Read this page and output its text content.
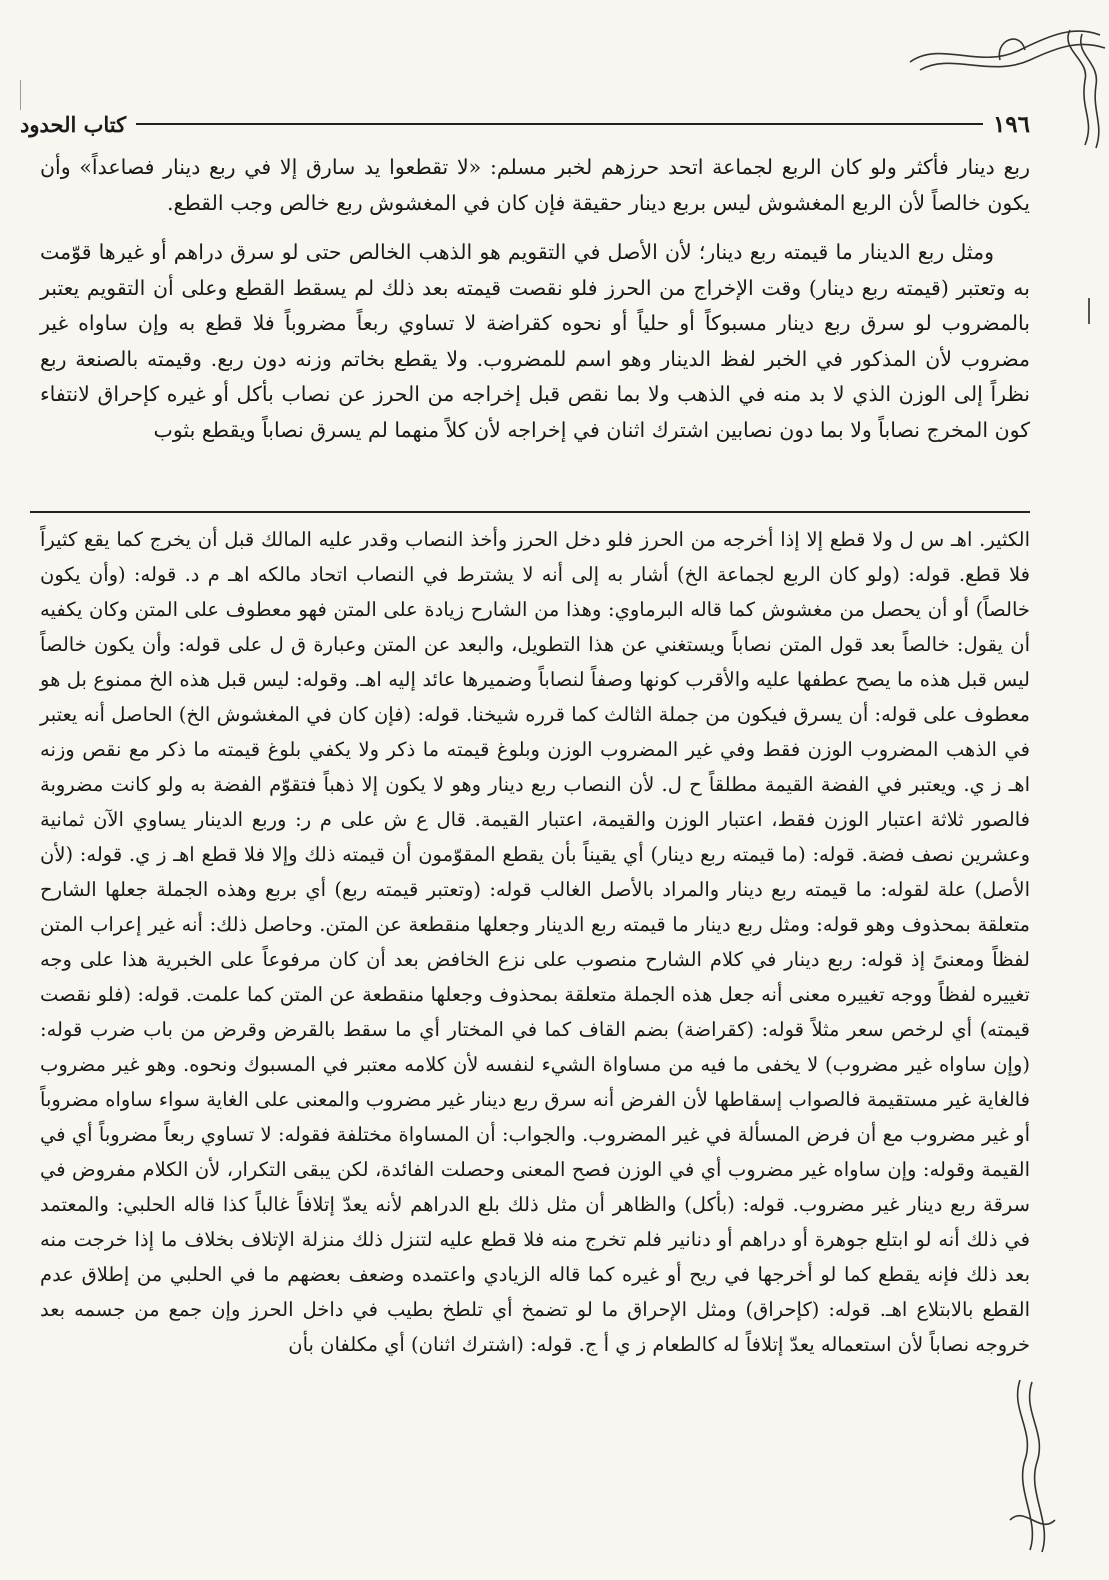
١٩٦
كتاب الحدود

ربع دينار فأكثر ولو كان الربع لجماعة اتحد حرزهم لخبر مسلم: «لا تقطعوا يد سارق إلا في ربع دينار فصاعداً» وأن يكون خالصاً لأن الربع المغشوش ليس بربع دينار حقيقة فإن كان في المغشوش ربع خالص وجب القطع.

ومثل ربع الدينار ما قيمته ربع دينار؛ لأن الأصل في التقويم هو الذهب الخالص حتى لو سرق دراهم أو غيرها قوّمت به وتعتبر (قيمته ربع دينار) وقت الإخراج من الحرز فلو نقصت قيمته بعد ذلك لم يسقط القطع وعلى أن التقويم يعتبر بالمضروب لو سرق ربع دينار مسبوكاً أو حلياً أو نحوه كقراضة لا تساوي ربعاً مضروباً فلا قطع به وإن ساواه غير مضروب لأن المذكور في الخبر لفظ الدينار وهو اسم للمضروب. ولا يقطع بخاتم وزنه دون ربع. وقيمته بالصنعة ربع نظراً إلى الوزن الذي لا بد منه في الذهب ولا بما نقص قبل إخراجه من الحرز عن نصاب بأكل أو غيره كإحراق لانتفاء كون المخرج نصاباً ولا بما دون نصابين اشترك اثنان في إخراجه لأن كلاً منهما لم يسرق نصاباً ويقطع بثوب

الكثير. اهـ س ل ولا قطع إلا إذا أخرجه من الحرز فلو دخل الحرز وأخذ النصاب وقدر عليه المالك قبل أن يخرج كما يقع كثيراً فلا قطع. قوله: (ولو كان الربع لجماعة الخ) أشار به إلى أنه لا يشترط في النصاب اتحاد مالكه اهـ م د. قوله: (وأن يكون خالصاً) أو أن يحصل من مغشوش كما قاله البرماوي: وهذا من الشارح زيادة على المتن فهو معطوف على المتن وكان يكفيه أن يقول: خالصاً بعد قول المتن نصاباً ويستغني عن هذا التطويل، والبعد عن المتن وعبارة ق ل على قوله: وأن يكون خالصاً ليس قبل هذه ما يصح عطفها عليه والأقرب كونها وصفاً لنصاباً وضميرها عائد إليه اهـ. وقوله: ليس قبل هذه الخ ممنوع بل هو معطوف على قوله: أن يسرق فيكون من جملة الثالث كما قرره شيخنا. قوله: (فإن كان في المغشوش الخ) الحاصل أنه يعتبر في الذهب المضروب الوزن فقط وفي غير المضروب الوزن وبلوغ قيمته ما ذكر ولا يكفي بلوغ قيمته ما ذكر مع نقص وزنه اهـ ز ي. ويعتبر في الفضة القيمة مطلقاً ح ل. لأن النصاب ربع دينار وهو لا يكون إلا ذهباً فتقوّم الفضة به ولو كانت مضروبة فالصور ثلاثة اعتبار الوزن فقط، اعتبار الوزن والقيمة، اعتبار القيمة. قال ع ش على م ر: وربع الدينار يساوي الآن ثمانية وعشرين نصف فضة. قوله: (ما قيمته ربع دينار) أي يقيناً بأن يقطع المقوّمون أن قيمته ذلك وإلا فلا قطع اهـ ز ي. قوله: (لأن الأصل) علة لقوله: ما قيمته ربع دينار والمراد بالأصل الغالب قوله: (وتعتبر قيمته ربع) أي بربع وهذه الجملة جعلها الشارح متعلقة بمحذوف وهو قوله: ومثل ربع دينار ما قيمته ربع الدينار وجعلها منقطعة عن المتن. وحاصل ذلك: أنه غير إعراب المتن لفظاً ومعنىً إذ قوله: ربع دينار في كلام الشارح منصوب على نزع الخافض بعد أن كان مرفوعاً على الخبرية هذا على وجه تغييره لفظاً ووجه تغييره معنى أنه جعل هذه الجملة متعلقة بمحذوف وجعلها منقطعة عن المتن كما علمت. قوله: (فلو نقصت قيمته) أي لرخص سعر مثلاً قوله: (كقراضة) بضم القاف كما في المختار أي ما سقط بالقرض وقرض من باب ضرب قوله: (وإن ساواه غير مضروب) لا يخفى ما فيه من مساواة الشيء لنفسه لأن كلامه معتبر في المسبوك ونحوه. وهو غير مضروب فالغاية غير مستقيمة فالصواب إسقاطها لأن الفرض أنه سرق ربع دينار غير مضروب والمعنى على الغاية سواء ساواه مضروباً أو غير مضروب مع أن فرض المسألة في غير المضروب. والجواب: أن المساواة مختلفة فقوله: لا تساوي ربعاً مضروباً أي في القيمة وقوله: وإن ساواه غير مضروب أي في الوزن فصح المعنى وحصلت الفائدة، لكن يبقى التكرار، لأن الكلام مفروض في سرقة ربع دينار غير مضروب. قوله: (بأكل) والظاهر أن مثل ذلك بلع الدراهم لأنه يعدّ إتلافاً غالباً كذا قاله الحلبي: والمعتمد في ذلك أنه لو ابتلع جوهرة أو دراهم أو دنانير فلم تخرج منه فلا قطع عليه لتنزل ذلك منزلة الإتلاف بخلاف ما إذا خرجت منه بعد ذلك فإنه يقطع كما لو أخرجها في ريح أو غيره كما قاله الزيادي واعتمده وضعف بعضهم ما في الحلبي من إطلاق عدم القطع بالابتلاع اهـ. قوله: (كإحراق) ومثل الإحراق ما لو تضمخ أي تلطخ بطيب في داخل الحرز وإن جمع من جسمه بعد خروجه نصاباً لأن استعماله يعدّ إتلافاً له كالطعام ز ي أ ج. قوله: (اشترك اثنان) أي مكلفان بأن
